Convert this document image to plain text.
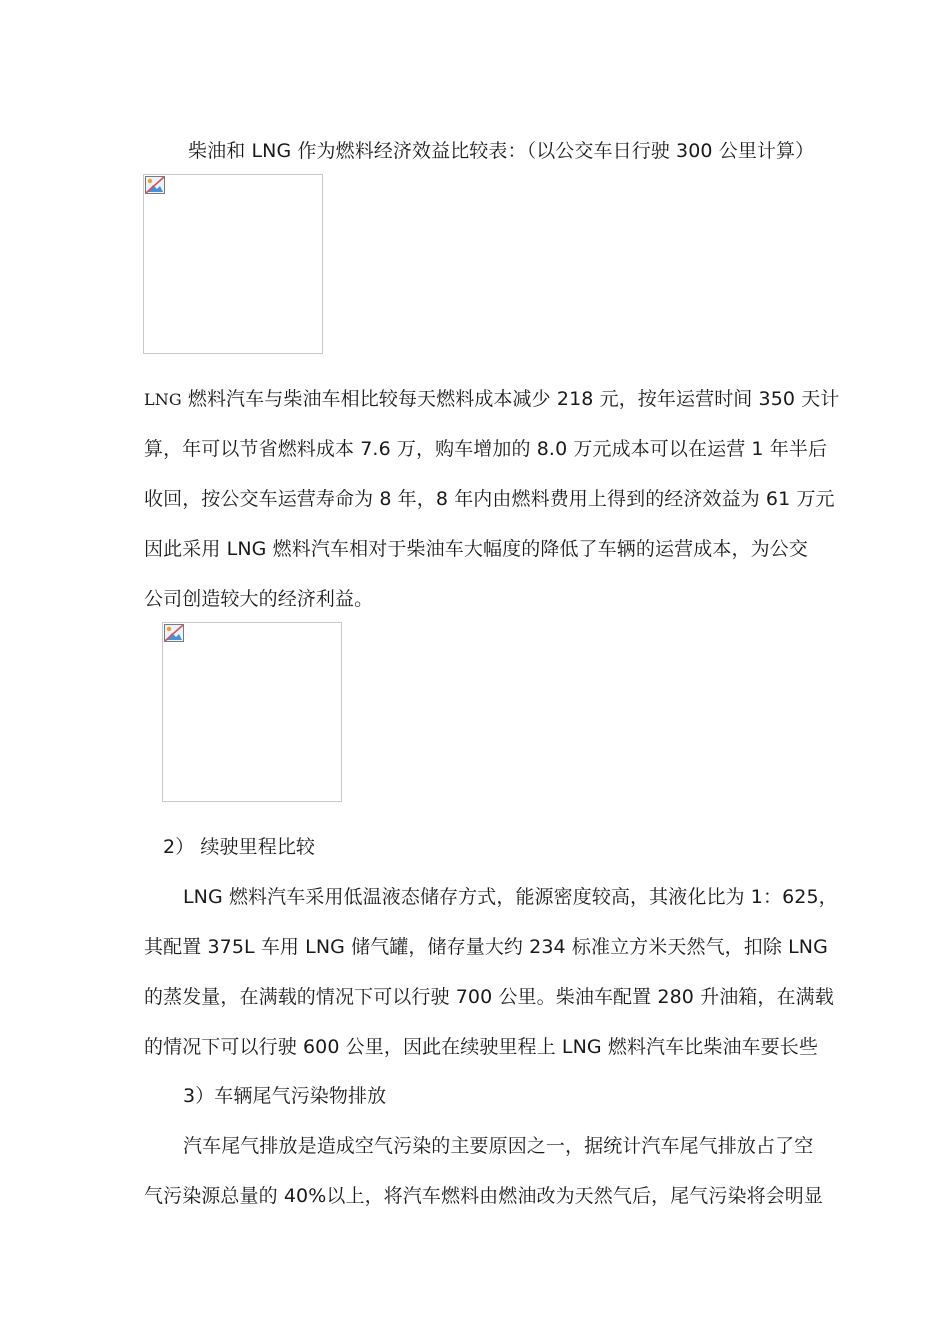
柴油和 LNG 作为燃料经济效益比较表：（以公交车日行驶 300 公里计算）
LNG 燃料汽车与柴油车相比较每天燃料成本减少 218 元，按年运营时间 350 天计
算，年可以节省燃料成本 7.6 万，购车增加的 8.0 万元成本可以在运营 1 年半后
收回，按公交车运营寿命为 8 年，8 年内由燃料费用上得到的经济效益为 61 万元
因此采用 LNG 燃料汽车相对于柴油车大幅度的降低了车辆的运营成本，为公交
公司创造较大的经济利益。
2） 续驶里程比较
LNG 燃料汽车采用低温液态储存方式，能源密度较高，其液化比为 1：625，
其配置 375L 车用 LNG 储气罐，储存量大约 234 标准立方米天然气，扣除 LNG
的蒸发量，在满载的情况下可以行驶 700 公里。柴油车配置 280 升油箱，在满载
的情况下可以行驶 600 公里，因此在续驶里程上 LNG 燃料汽车比柴油车要长些
3）车辆尾气污染物排放
汽车尾气排放是造成空气污染的主要原因之一，据统计汽车尾气排放占了空
气污染源总量的 40%以上，将汽车燃料由燃油改为天然气后，尾气污染将会明显
